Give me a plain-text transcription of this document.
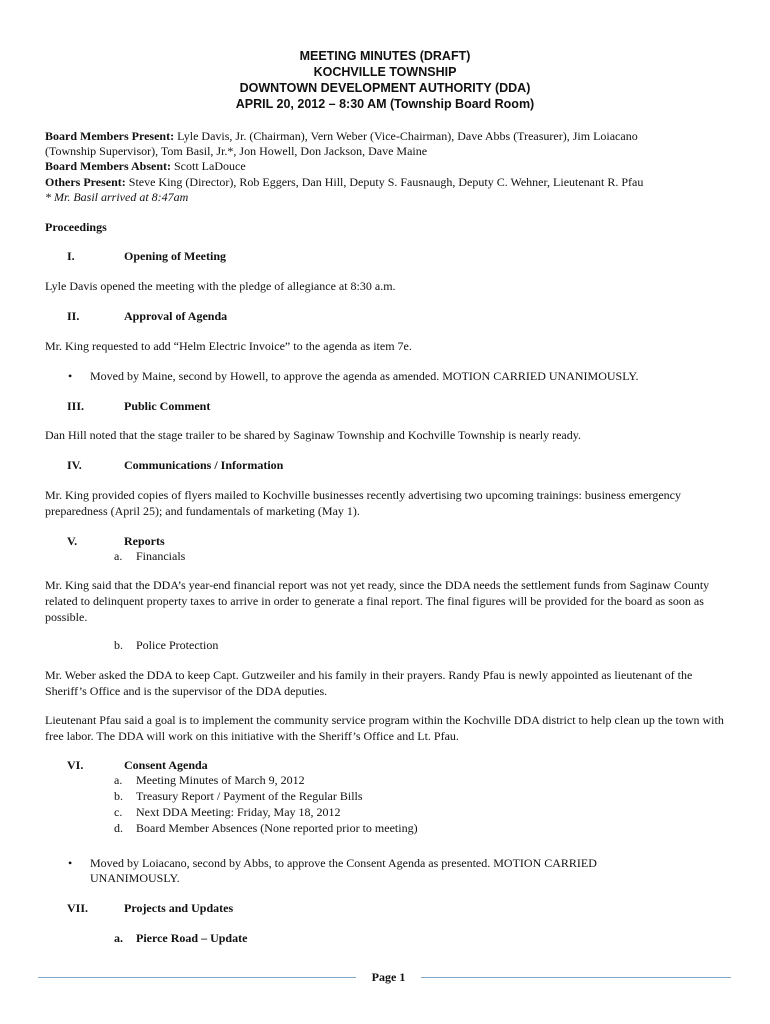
MEETING MINUTES (DRAFT)
KOCHVILLE TOWNSHIP
DOWNTOWN DEVELOPMENT AUTHORITY (DDA)
APRIL 20, 2012 – 8:30 AM (Township Board Room)
Board Members Present: Lyle Davis, Jr. (Chairman), Vern Weber (Vice-Chairman), Dave Abbs (Treasurer), Jim Loiacano
(Township Supervisor), Tom Basil, Jr.*, Jon Howell, Don Jackson, Dave Maine
Board Members Absent: Scott LaDouce
Others Present: Steve King (Director), Rob Eggers, Dan Hill, Deputy S. Fausnaugh, Deputy C. Wehner, Lieutenant R. Pfau
* Mr. Basil arrived at 8:47am
Proceedings
I.	Opening of Meeting
Lyle Davis opened the meeting with the pledge of allegiance at 8:30 a.m.
II.	Approval of Agenda
Mr. King requested to add “Helm Electric Invoice” to the agenda as item 7e.
• Moved by Maine, second by Howell, to approve the agenda as amended. MOTION CARRIED UNANIMOUSLY.
III.	Public Comment
Dan Hill noted that the stage trailer to be shared by Saginaw Township and Kochville Township is nearly ready.
IV.	Communications / Information
Mr. King provided copies of flyers mailed to Kochville businesses recently advertising two upcoming trainings: business emergency preparedness (April 25); and fundamentals of marketing (May 1).
V.	Reports
a. Financials
Mr. King said that the DDA’s year-end financial report was not yet ready, since the DDA needs the settlement funds from Saginaw County related to delinquent property taxes to arrive in order to generate a final report. The final figures will be provided for the board as soon as possible.
b. Police Protection
Mr. Weber asked the DDA to keep Capt. Gutzweiler and his family in their prayers. Randy Pfau is newly appointed as lieutenant of the Sheriff’s Office and is the supervisor of the DDA deputies.
Lieutenant Pfau said a goal is to implement the community service program within the Kochville DDA district to help clean up the town with free labor. The DDA will work on this initiative with the Sheriff’s Office and Lt. Pfau.
VI.	Consent Agenda
a. Meeting Minutes of March 9, 2012
b. Treasury Report / Payment of the Regular Bills
c. Next DDA Meeting: Friday, May 18, 2012
d. Board Member Absences (None reported prior to meeting)
• Moved by Loiacano, second by Abbs, to approve the Consent Agenda as presented. MOTION CARRIED
UNANIMOUSLY.
VII.	Projects and Updates
a. Pierce Road – Update
Page 1
